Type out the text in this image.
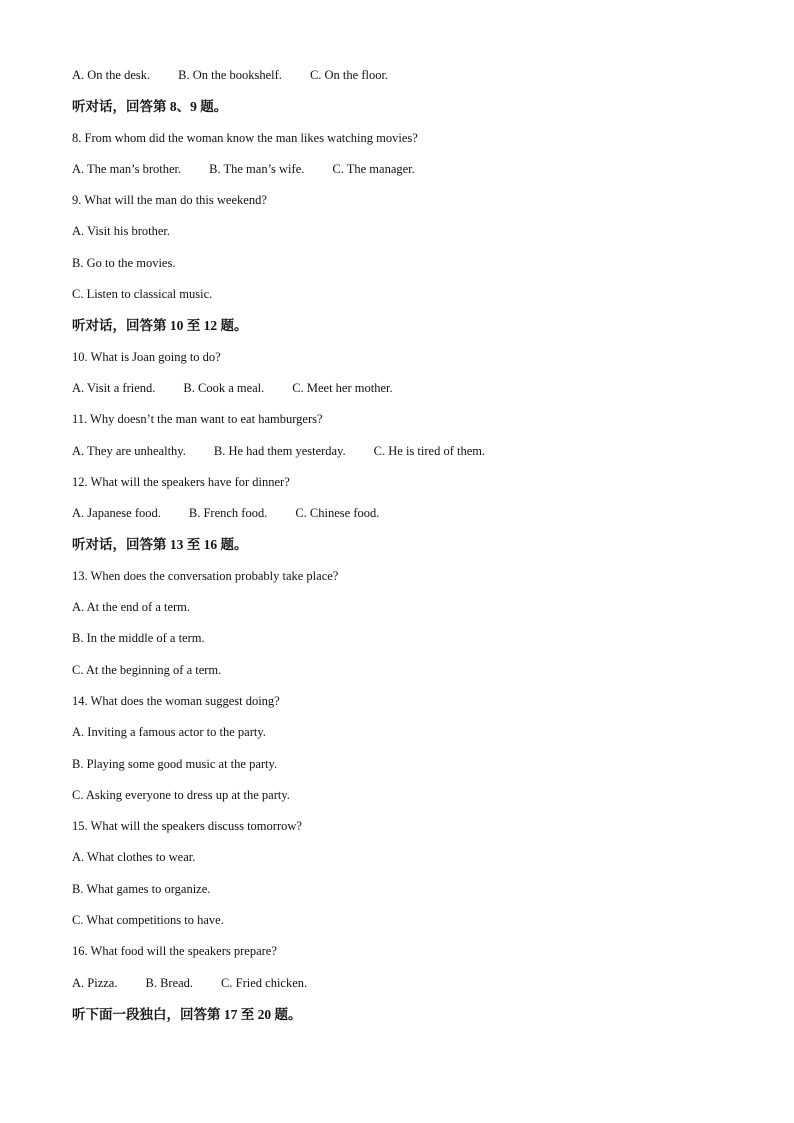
A. On the desk. B. On the bookshelf. C. On the floor.
听对话，回答第 8、9 题。
8. From whom did the woman know the man likes watching movies?
A. The man’s brother. B. The man’s wife. C. The manager.
9. What will the man do this weekend?
A. Visit his brother.
B. Go to the movies.
C. Listen to classical music.
听对话，回答第 10 至 12 题。
10. What is Joan going to do?
A. Visit a friend. B. Cook a meal. C. Meet her mother.
11. Why doesn’t the man want to eat hamburgers?
A. They are unhealthy. B. He had them yesterday. C. He is tired of them.
12. What will the speakers have for dinner?
A. Japanese food. B. French food. C. Chinese food.
听对话，回答第 13 至 16 题。
13. When does the conversation probably take place?
A. At the end of a term.
B. In the middle of a term.
C. At the beginning of a term.
14. What does the woman suggest doing?
A. Inviting a famous actor to the party.
B. Playing some good music at the party.
C. Asking everyone to dress up at the party.
15. What will the speakers discuss tomorrow?
A. What clothes to wear.
B. What games to organize.
C. What competitions to have.
16. What food will the speakers prepare?
A. Pizza. B. Bread. C. Fried chicken.
听下面一段独白，回答第 17 至 20 题。
